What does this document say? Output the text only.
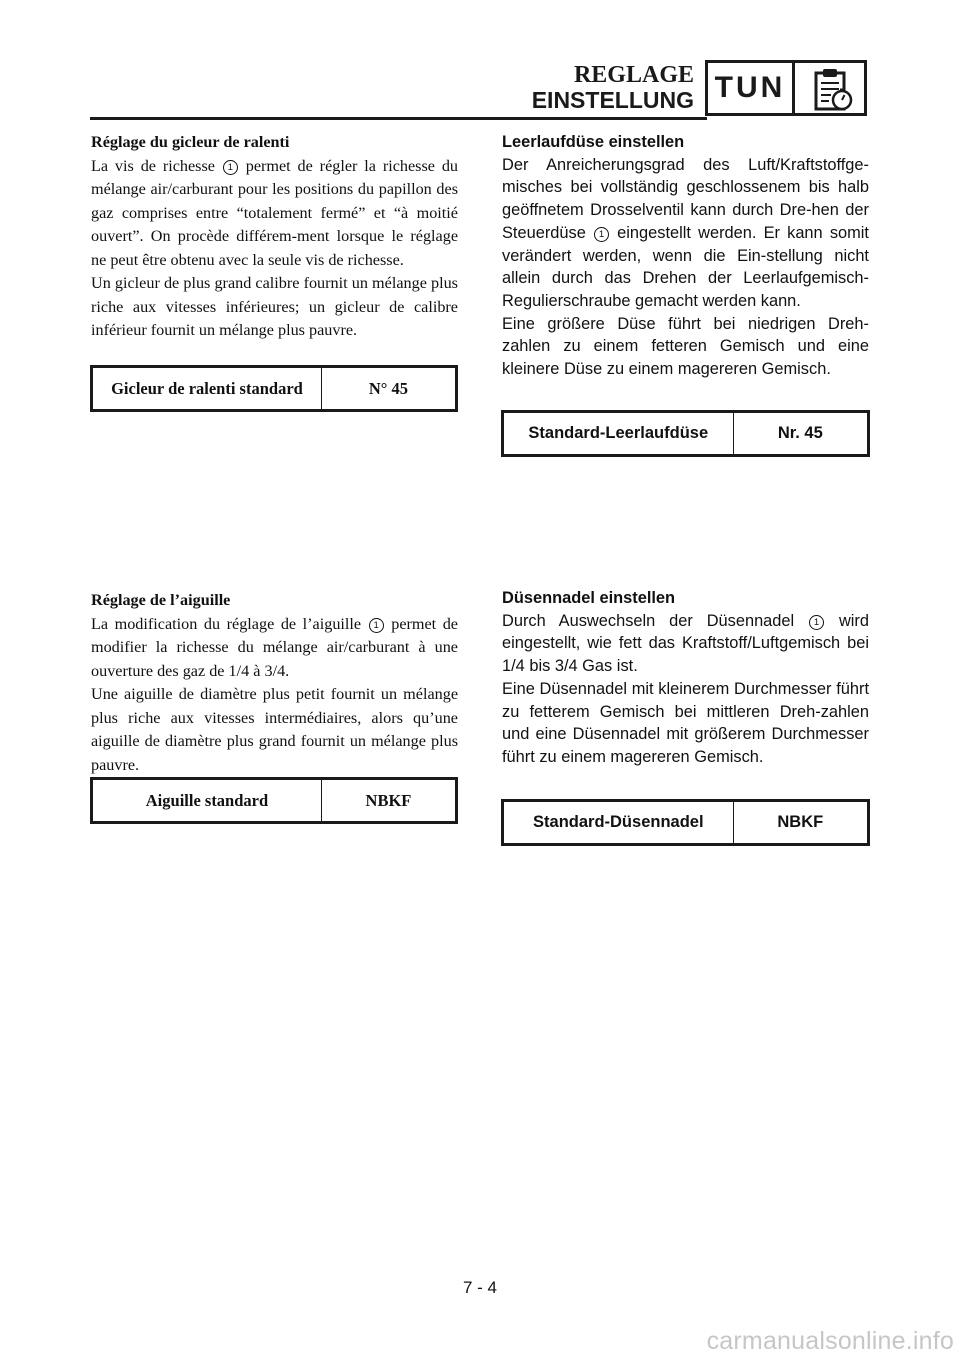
REGLAGE
EINSTELLUNG TUN
Réglage du gicleur de ralenti

La vis de richesse 1 permet de régler la richesse du mélange air/carburant pour les positions du papillon des gaz comprises entre “totalement fermé” et “à moitié ouvert”. On procède différem-ment lorsque le réglage ne peut être obtenu avec la seule vis de richesse.

Un gicleur de plus grand calibre fournit un mélange plus riche aux vitesses inférieures; un gicleur de calibre inférieur fournit un mélange plus pauvre.

Gicleur de ralenti standard	N° 45
Leerlaufdüse einstellen

Der Anreicherungsgrad des Luft/Kraftstoffge-misches bei vollständig geschlossenem bis halb geöffnetem Drosselventil kann durch Dre-hen der Steuerdüse 1 eingestellt werden. Er kann somit verändert werden, wenn die Ein-stellung nicht allein durch das Drehen der Leerlaufgemisch-Regulierschraube gemacht werden kann.

Eine größere Düse führt bei niedrigen Dreh-zahlen zu einem fetteren Gemisch und eine kleinere Düse zu einem magereren Gemisch.

Standard-Leerlaufdüse	Nr. 45
Réglage de l’aiguille

La modification du réglage de l’aiguille 1 permet de modifier la richesse du mélange air/carburant à une ouverture des gaz de 1/4 à 3/4.

Une aiguille de diamètre plus petit fournit un mélange plus riche aux vitesses intermédiaires, alors qu’une aiguille de diamètre plus grand fournit un mélange plus pauvre.

Aiguille standard	NBKF
Düsennadel einstellen

Durch Auswechseln der Düsennadel 1 wird eingestellt, wie fett das Kraftstoff/Luftgemisch bei 1/4 bis 3/4 Gas ist.

Eine Düsennadel mit kleinerem Durchmesser führt zu fetterem Gemisch bei mittleren Dreh-zahlen und eine Düsennadel mit größerem Durchmesser führt zu einem magereren Gemisch.

Standard-Düsennadel	NBKF
7 - 4
carmanualsonline.info
